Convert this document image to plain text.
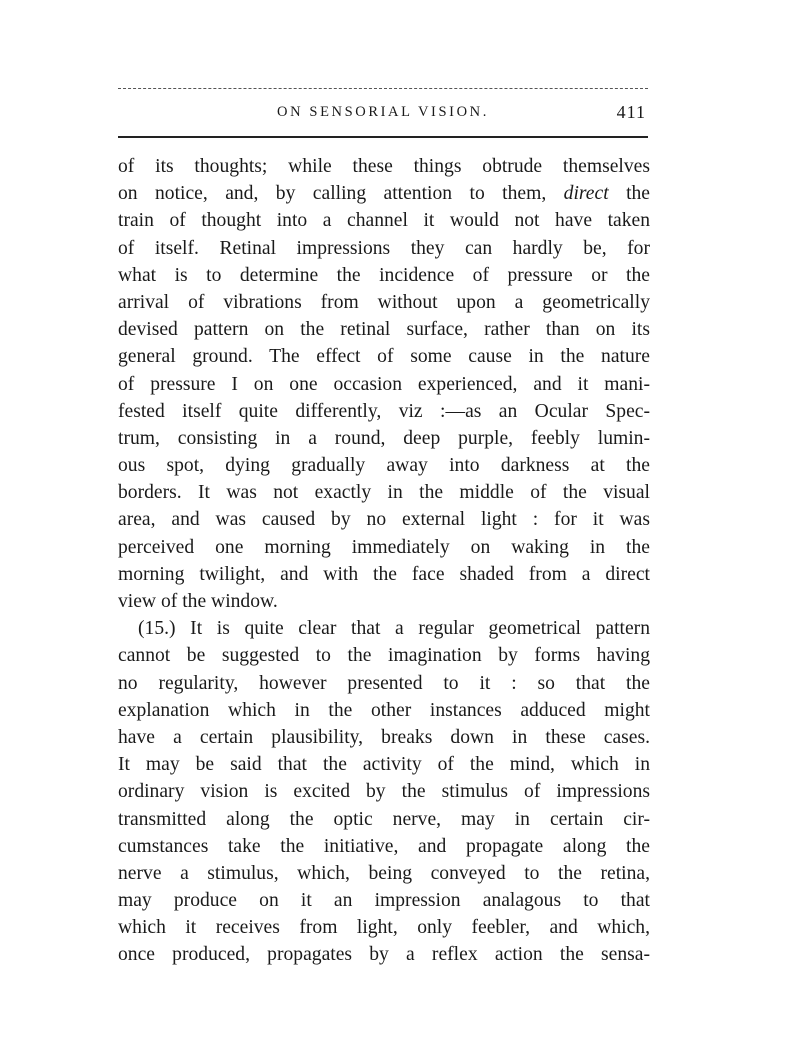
ON SENSORIAL VISION.	411
of its thoughts; while these things obtrude themselves
on notice, and, by calling attention to them, direct the
train of thought into a channel it would not have taken
of itself. Retinal impressions they can hardly be, for
what is to determine the incidence of pressure or the
arrival of vibrations from without upon a geometrically
devised pattern on the retinal surface, rather than on its
general ground. The effect of some cause in the nature
of pressure I on one occasion experienced, and it mani-
fested itself quite differently, viz :—as an Ocular Spec-
trum, consisting in a round, deep purple, feebly lumin-
ous spot, dying gradually away into darkness at the
borders. It was not exactly in the middle of the visual
area, and was caused by no external light : for it was
perceived one morning immediately on waking in the
morning twilight, and with the face shaded from a direct
view of the window.
(15.) It is quite clear that a regular geometrical pattern
cannot be suggested to the imagination by forms having
no regularity, however presented to it : so that the
explanation which in the other instances adduced might
have a certain plausibility, breaks down in these cases.
It may be said that the activity of the mind, which in
ordinary vision is excited by the stimulus of impressions
transmitted along the optic nerve, may in certain cir-
cumstances take the initiative, and propagate along the
nerve a stimulus, which, being conveyed to the retina,
may produce on it an impression analagous to that
which it receives from light, only feebler, and which,
once produced, propagates by a reflex action the sensa-
